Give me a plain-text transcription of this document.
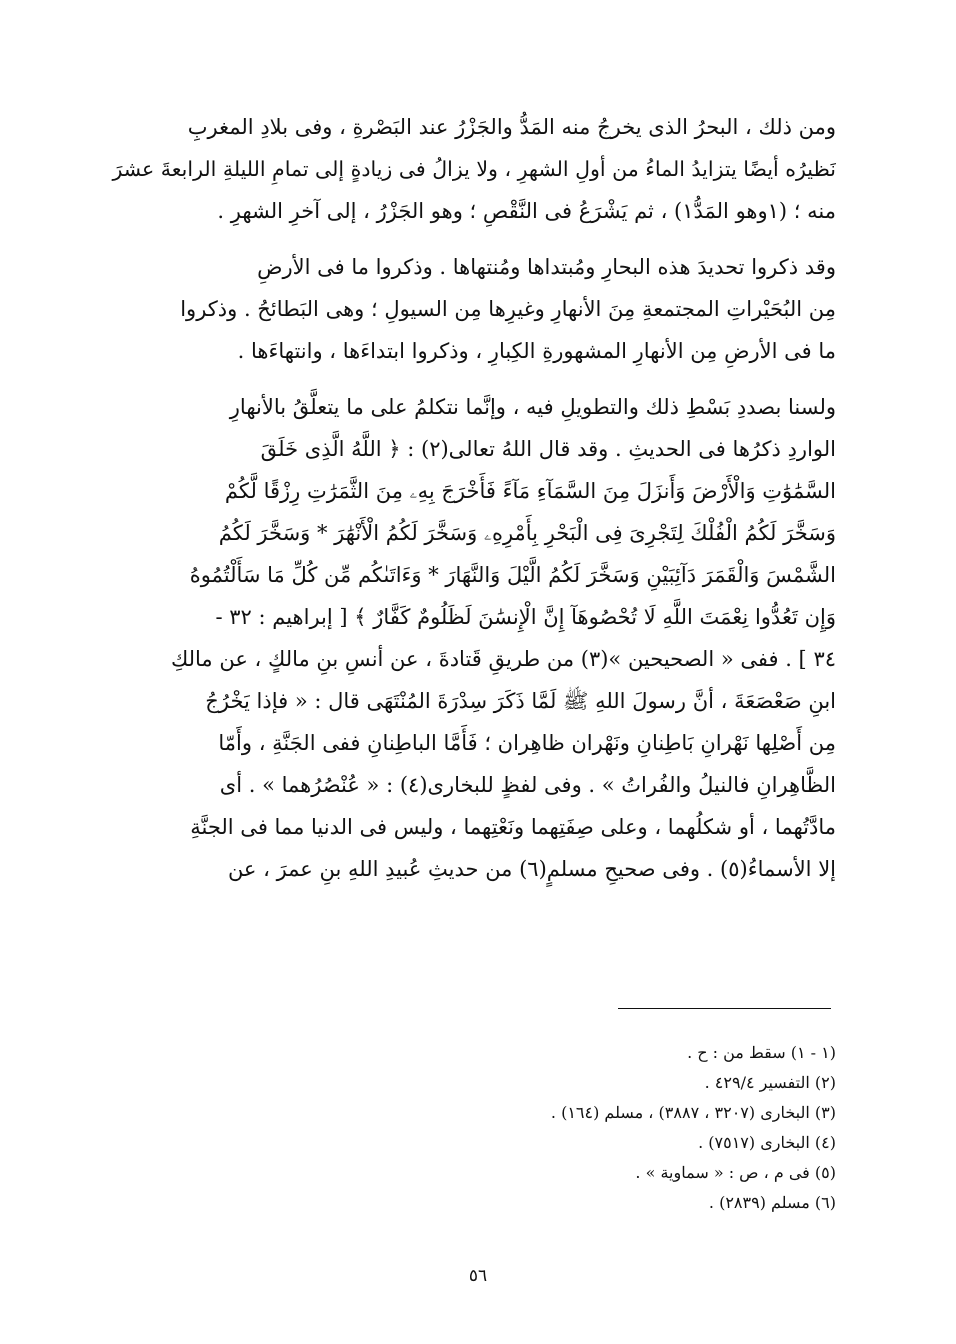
ومن ذلك ، البحرُ الذى يخرجُ منه المَدُّ والجَزْرُ عند البَصْرةِ ، وفى بلادِ المغربِ
نَظيرُه أيضًا يتزايدُ الماءُ من أولِ الشهرِ ، ولا يزالُ فى زيادةٍ إلى تمامِ الليلةِ الرابعةَ عشرَ
منه ؛ (١وهو المَدُّ١) ، ثم يَشْرَعُ فى النَّقْصِ ؛ وهو الجَزْرُ ، إلى آخرِ الشهرِ .
وقد ذكروا تحديدَ هذه البحارِ ومُبتداها ومُنتهاها . وذكروا ما فى الأرضِ
مِن البُحَيْراتِ المجتمعةِ مِنَ الأنهارِ وغيرِها مِن السيولِ ؛ وهى البَطائحُ . وذكروا
ما فى الأرضِ مِن الأنهارِ المشهورةِ الكِبارِ ، وذكروا ابتداءَها ، وانتهاءَها .
ولسنا بصددِ بَسْطِ ذلك والتطويلِ فيه ، وإنَّما نتكلمُ على ما يتعلَّقُ بالأنهارِ
الواردِ ذكرُها فى الحديثِ . وقد قال اللهُ تعالى(٢) : ﴿ اللَّهُ الَّذِى خَلَقَ
السَّمَٰوَٰتِ وَالْأَرْضَ وَأَنزَلَ مِنَ السَّمَآءِ مَآءً فَأَخْرَجَ بِهِۦ مِنَ الثَّمَرَٰتِ رِزْقًا لَّكُمْ
وَسَخَّرَ لَكُمُ الْفُلْكَ لِتَجْرِىَ فِى الْبَحْرِ بِأَمْرِهِۦ وَسَخَّرَ لَكُمُ الْأَنْهَٰرَ * وَسَخَّرَ لَكُمُ
الشَّمْسَ وَالْقَمَرَ دَآئِبَيْنِ وَسَخَّرَ لَكُمُ الَّيْلَ وَالنَّهَارَ * وَءَاتَىٰكُم مِّن كُلِّ مَا سَأَلْتُمُوهُ
وَإِن تَعُدُّوا نِعْمَتَ اللَّهِ لَا تُحْصُوهَآ إِنَّ الْإِنسَٰنَ لَظَلُومٌ كَفَّارٌ ﴾ [ إبراهيم : ٣٢ -
٣٤ ] . ففى « الصحيحين »(٣) من طريقِ قَتادةَ ، عن أنسِ بنِ مالكٍ ، عن مالكِ
ابنِ صَعْصَعَةَ ، أنَّ رسولَ اللهِ ﷺ لَمَّا ذَكَرَ سِدْرَةَ المُنْتَهَى قال : « فإذا يَخْرُجُ
مِن أَصْلِها نَهْرانِ بَاطِنانِ ونَهْران ظاهِران ؛ فَأَمَّا الباطِنانِ ففى الجَنَّةِ ، وأَمّا
الظَّاهِرانِ فالنيلُ والفُراتُ » . وفى لفظٍ للبخارى(٤) : « عُنْصُرُهما » . أى
مادَّتُهما ، أو شكلُهما ، وعلى صِفَتِهما ونَعْتِهما ، وليس فى الدنيا مما فى الجنَّةِ
إلا الأسماءُ(٥) . وفى صحيحِ مسلمٍ(٦) من حديثِ عُبيدِ اللهِ بنِ عمرَ ، عن
(١ - ١) سقط من : ح .
(٢) التفسير ٤٢٩/٤ .
(٣) البخارى (٣٢٠٧ ، ٣٨٨٧) ، مسلم (١٦٤) .
(٤) البخارى (٧٥١٧) .
(٥) فى م ، ص : « سماوية » .
(٦) مسلم (٢٨٣٩) .
٥٦
